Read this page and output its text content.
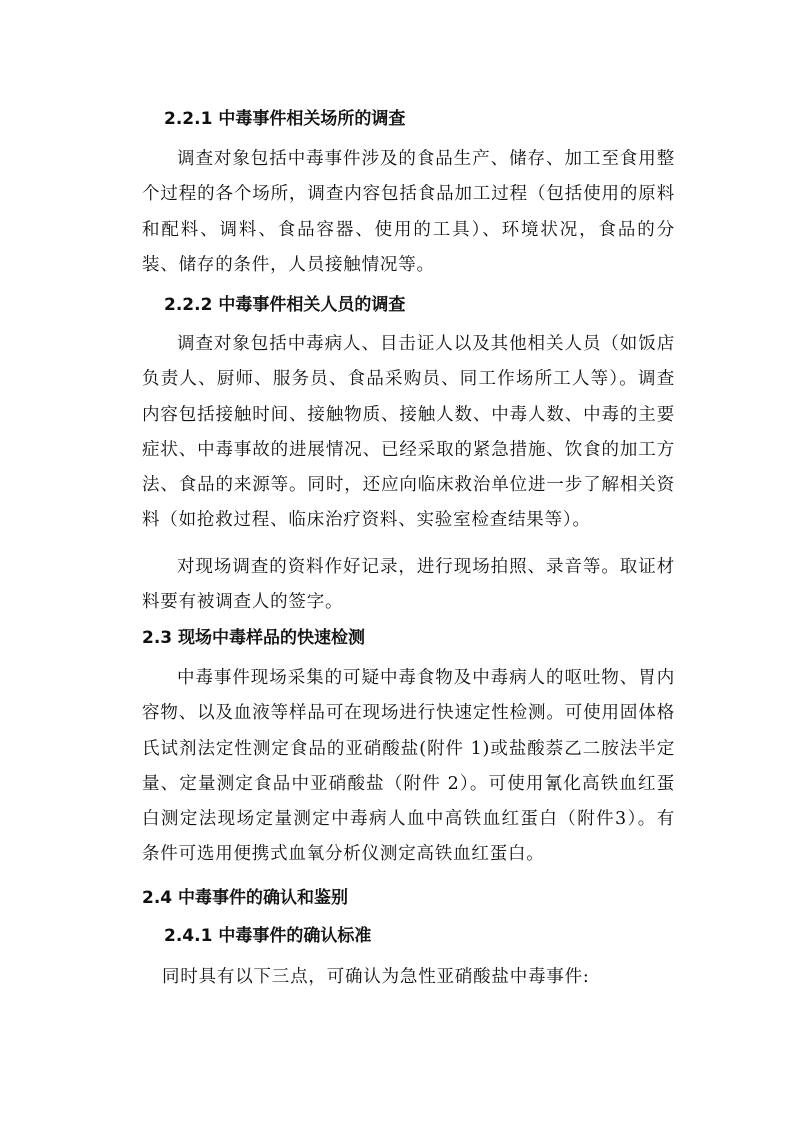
2.2.1 中毒事件相关场所的调查

调查对象包括中毒事件涉及的食品生产、储存、加工至食用整个过程的各个场所，调查内容包括食品加工过程（包括使用的原料和配料、调料、食品容器、使用的工具）、环境状况，食品的分装、储存的条件，人员接触情况等。

2.2.2 中毒事件相关人员的调查

调查对象包括中毒病人、目击证人以及其他相关人员（如饭店负责人、厨师、服务员、食品采购员、同工作场所工人等）。调查内容包括接触时间、接触物质、接触人数、中毒人数、中毒的主要症状、中毒事故的进展情况、已经采取的紧急措施、饮食的加工方法、食品的来源等。同时，还应向临床救治单位进一步了解相关资料（如抢救过程、临床治疗资料、实验室检查结果等）。

对现场调查的资料作好记录，进行现场拍照、录音等。取证材料要有被调查人的签字。

2.3 现场中毒样品的快速检测

中毒事件现场采集的可疑中毒食物及中毒病人的呕吐物、胃内容物、以及血液等样品可在现场进行快速定性检测。可使用固体格氏试剂法定性测定食品的亚硝酸盐(附件 1)或盐酸萘乙二胺法半定量、定量测定食品中亚硝酸盐（附件 2）。可使用氰化高铁血红蛋白测定法现场定量测定中毒病人血中高铁血红蛋白（附件3）。有条件可选用便携式血氧分析仪测定高铁血红蛋白。

2.4 中毒事件的确认和鉴别
2.4.1 中毒事件的确认标准

同时具有以下三点，可确认为急性亚硝酸盐中毒事件:
